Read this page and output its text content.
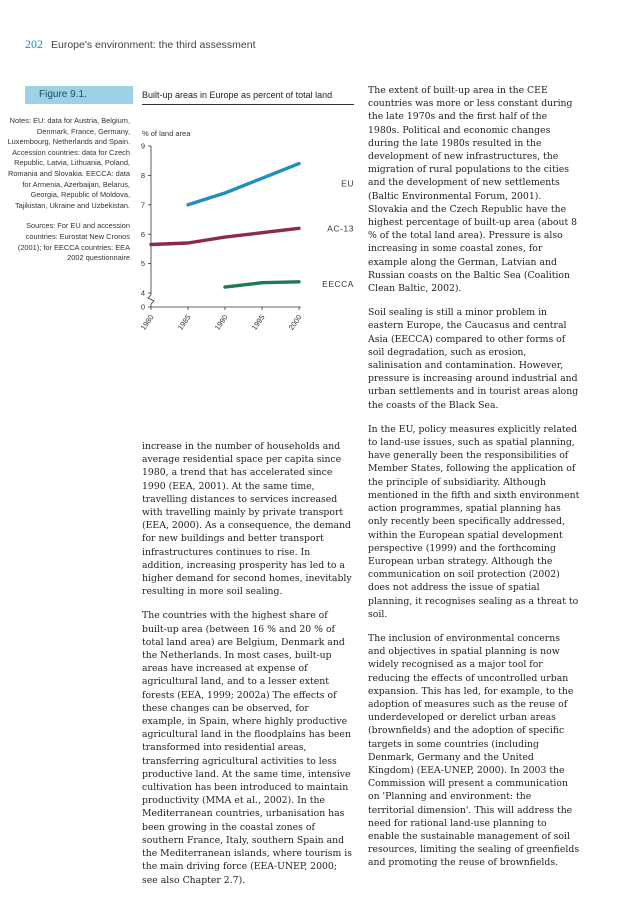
202 Europe's environment: the third assessment
Figure 9.1.	Built-up areas in Europe as percent of total land

Notes: EU: data for Austria, Belgium, Denmark, France, Germany, Luxembourg, Netherlands and Spain. Accession countries: data for Czech Republic, Latvia, Lithuania, Poland, Romania and Slovakia. EECCA: data for Armenia, Azerbaijan, Belarus, Georgia, Republic of Moldova, Tajikistan, Ukraine and Uzbekistan.

Sources: For EU and accession countries: Eurostat New Cronos (2001); for EECCA countries: EEA 2002 questionnaire

% of land area
0
4
5
6
7
8
9
1980	1985	1990	1995	2000
EU
AC-13
EECCA

increase in the number of households and average residential space per capita since 1980, a trend that has accelerated since 1990 (EEA, 2001). At the same time, travelling distances to services increased with travelling mainly by private transport (EEA, 2000). As a consequence, the demand for new buildings and better transport infrastructures continues to rise. In addition, increasing prosperity has led to a higher demand for second homes, inevitably resulting in more soil sealing.

The countries with the highest share of built-up area (between 16 % and 20 % of total land area) are Belgium, Denmark and the Netherlands. In most cases, built-up areas have increased at expense of agricultural land, and to a lesser extent forests (EEA, 1999; 2002a) The effects of these changes can be observed, for example, in Spain, where highly productive agricultural land in the floodplains has been transformed into residential areas, transferring agricultural activities to less productive land. At the same time, intensive cultivation has been introduced to maintain productivity (MMA et al., 2002). In the Mediterranean countries, urbanisation has been growing in the coastal zones of southern France, Italy, southern Spain and the Mediterranean islands, where tourism is the main driving force (EEA-UNEP, 2000; see also Chapter 2.7).

The extent of built-up area in the CEE countries was more or less constant during the late 1970s and the first half of the 1980s. Political and economic changes during the late 1980s resulted in the development of new infrastructures, the migration of rural populations to the cities and the development of new settlements (Baltic Environmental Forum, 2001). Slovakia and the Czech Republic have the highest percentage of built-up area (about 8 % of the total land area). Pressure is also increasing in some coastal zones, for example along the German, Latvian and Russian coasts on the Baltic Sea (Coalition Clean Baltic, 2002).

Soil sealing is still a minor problem in eastern Europe, the Caucasus and central Asia (EECCA) compared to other forms of soil degradation, such as erosion, salinisation and contamination. However, pressure is increasing around industrial and urban settlements and in tourist areas along the coasts of the Black Sea.

In the EU, policy measures explicitly related to land-use issues, such as spatial planning, have generally been the responsibilities of Member States, following the application of the principle of subsidiarity. Although mentioned in the fifth and sixth environment action programmes, spatial planning has only recently been specifically addressed, within the European spatial development perspective (1999) and the forthcoming European urban strategy. Although the communication on soil protection (2002) does not address the issue of spatial planning, it recognises sealing as a threat to soil.

The inclusion of environmental concerns and objectives in spatial planning is now widely recognised as a major tool for reducing the effects of uncontrolled urban expansion. This has led, for example, to the adoption of measures such as the reuse of underdeveloped or derelict urban areas (brownfields) and the adoption of specific targets in some countries (including Denmark, Germany and the United Kingdom) (EEA-UNEP, 2000). In 2003 the Commission will present a communication on 'Planning and environment: the territorial dimension'. This will address the need for rational land-use planning to enable the sustainable management of soil resources, limiting the sealing of greenfields and promoting the reuse of brownfields.
